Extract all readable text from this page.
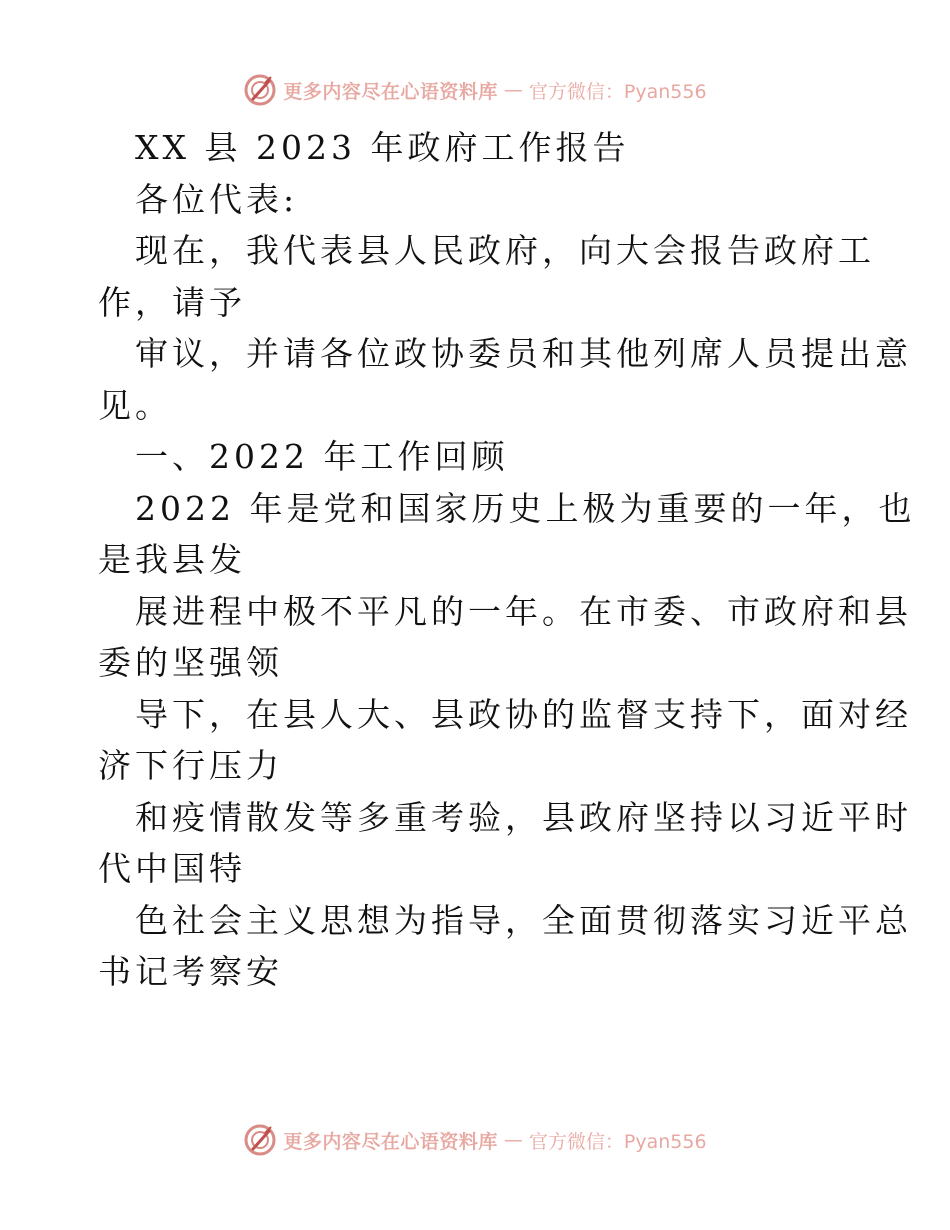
更多内容尽在心语资料库 — 官方微信：Pyan556
XX 县 2023 年政府工作报告
各位代表:
现在，我代表县人民政府，向大会报告政府工
作，请予
审议，并请各位政协委员和其他列席人员提出意
见。
一、2022 年工作回顾
2022 年是党和国家历史上极为重要的一年，也
是我县发
展进程中极不平凡的一年。在市委、市政府和县
委的坚强领
导下，在县人大、县政协的监督支持下，面对经
济下行压力
和疫情散发等多重考验，县政府坚持以习近平时
代中国特
色社会主义思想为指导，全面贯彻落实习近平总
书记考察安
更多内容尽在心语资料库 — 官方微信：Pyan556
